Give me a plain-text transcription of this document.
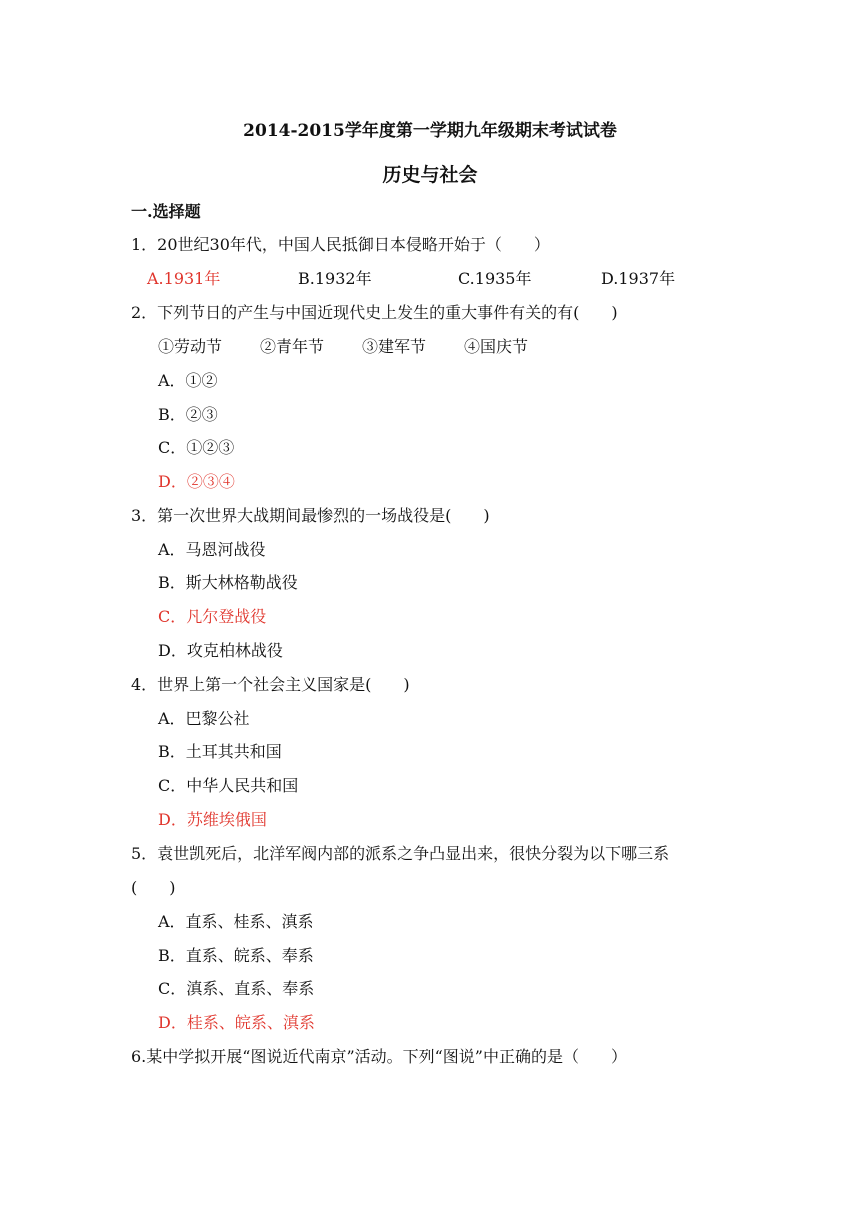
2014-2015学年度第一学期九年级期末考试试卷
历史与社会
一.选择题
1．20世纪30年代，中国人民抵御日本侵略开始于（　　）
A.1931年	B.1932年	C.1935年	D.1937年
2．下列节日的产生与中国近现代史上发生的重大事件有关的有(　　)
①劳动节 ②青年节 ③建军节 ④国庆节
A．①②
B．②③
C．①②③
D．②③④
3．第一次世界大战期间最惨烈的一场战役是(　　)
A．马恩河战役
B．斯大林格勒战役
C．凡尔登战役
D．攻克柏林战役
4．世界上第一个社会主义国家是(　　)
A．巴黎公社
B．土耳其共和国
C．中华人民共和国
D．苏维埃俄国
5．袁世凯死后，北洋军阀内部的派系之争凸显出来，很快分裂为以下哪三系
(　　)
A．直系、桂系、滇系
B．直系、皖系、奉系
C．滇系、直系、奉系
D．桂系、皖系、滇系
6.某中学拟开展“图说近代南京”活动。下列“图说”中正确的是（　　）
